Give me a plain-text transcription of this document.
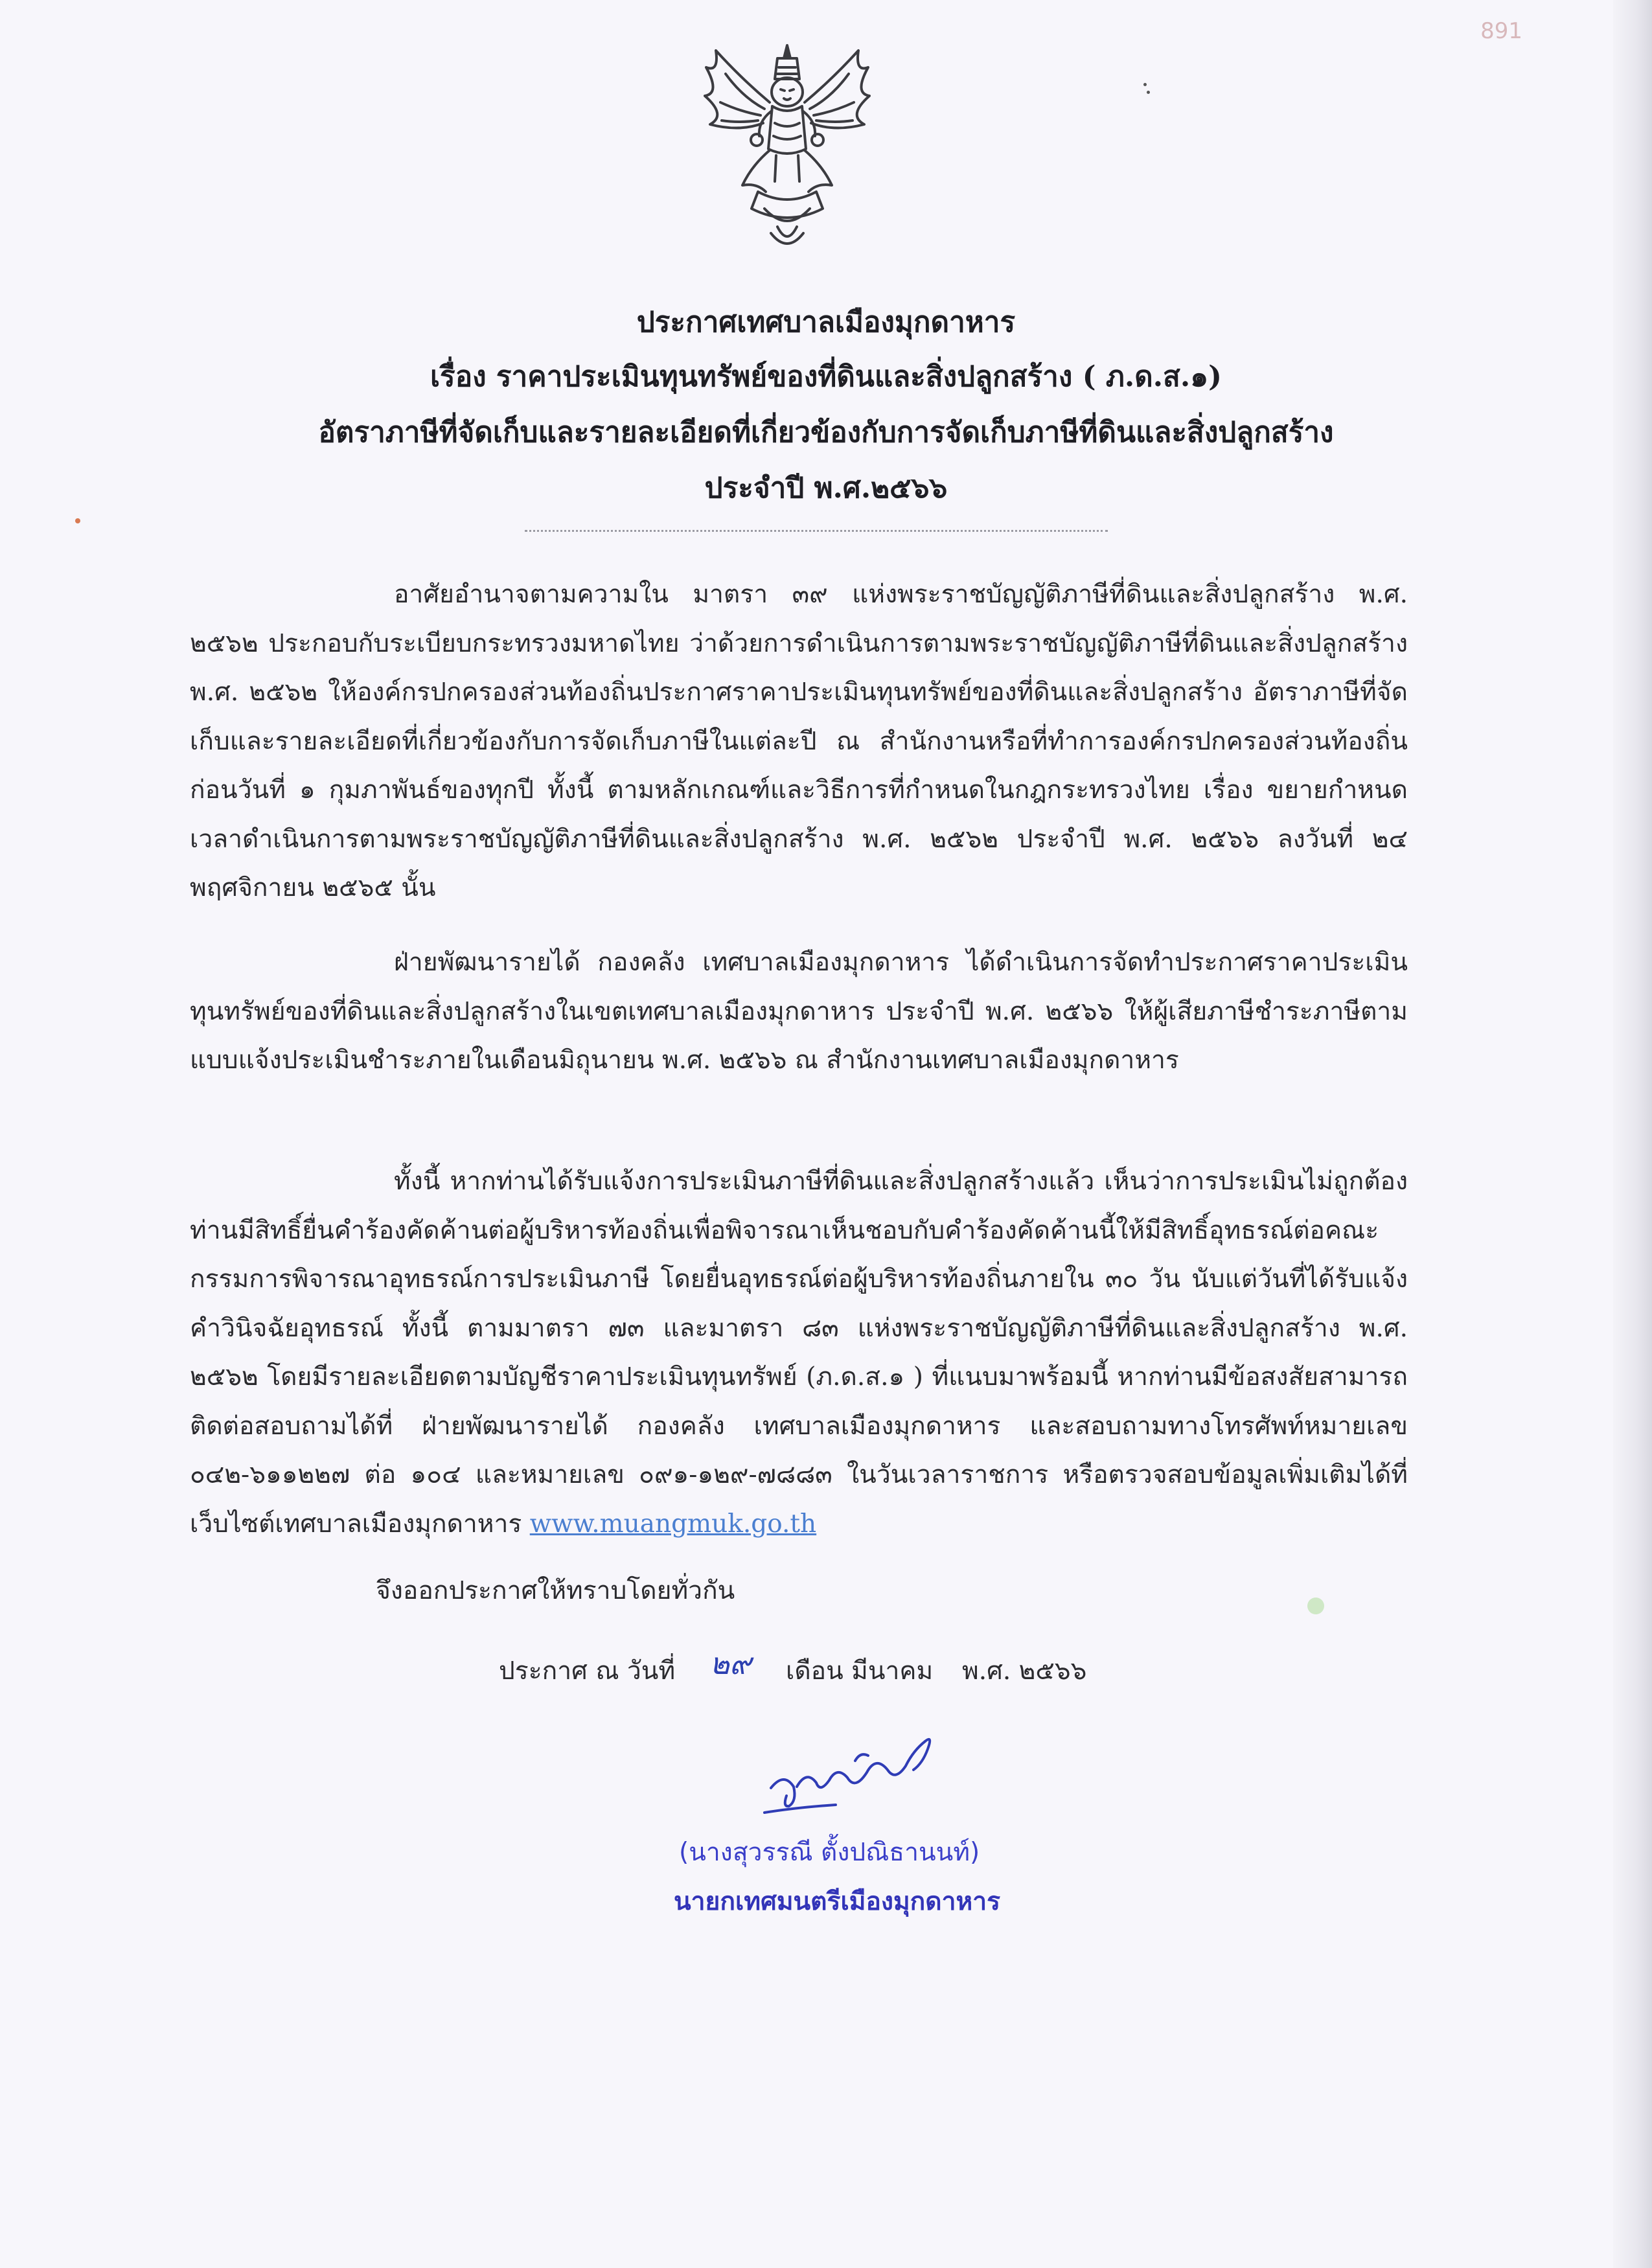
891
ประกาศเทศบาลเมืองมุกดาหาร
เรื่อง ราคาประเมินทุนทรัพย์ของที่ดินและสิ่งปลูกสร้าง ( ภ.ด.ส.๑)
อัตราภาษีที่จัดเก็บและรายละเอียดที่เกี่ยวข้องกับการจัดเก็บภาษีที่ดินและสิ่งปลูกสร้าง
ประจำปี พ.ศ.๒๕๖๖

อาศัยอำนาจตามความใน มาตรา ๓๙ แห่งพระราชบัญญัติภาษีที่ดินและสิ่งปลูกสร้าง พ.ศ. ๒๕๖๒ ประกอบกับระเบียบกระทรวงมหาดไทย ว่าด้วยการดำเนินการตามพระราชบัญญัติภาษีที่ดินและสิ่งปลูกสร้าง พ.ศ. ๒๕๖๒ ให้องค์กรปกครองส่วนท้องถิ่นประกาศราคาประเมินทุนทรัพย์ของที่ดินและสิ่งปลูกสร้าง อัตราภาษีที่จัดเก็บและรายละเอียดที่เกี่ยวข้องกับการจัดเก็บภาษีในแต่ละปี ณ สำนักงานหรือที่ทำการองค์กรปกครองส่วนท้องถิ่นก่อนวันที่ ๑ กุมภาพันธ์ของทุกปี ทั้งนี้ ตามหลักเกณฑ์และวิธีการที่กำหนดในกฎกระทรวงไทย เรื่อง ขยายกำหนดเวลาดำเนินการตามพระราชบัญญัติภาษีที่ดินและสิ่งปลูกสร้าง พ.ศ. ๒๕๖๒ ประจำปี พ.ศ. ๒๕๖๖ ลงวันที่ ๒๔ พฤศจิกายน ๒๕๖๕ นั้น

ฝ่ายพัฒนารายได้ กองคลัง เทศบาลเมืองมุกดาหาร ได้ดำเนินการจัดทำประกาศราคาประเมินทุนทรัพย์ของที่ดินและสิ่งปลูกสร้างในเขตเทศบาลเมืองมุกดาหาร ประจำปี พ.ศ. ๒๕๖๖ ให้ผู้เสียภาษีชำระภาษีตามแบบแจ้งประเมินชำระภายในเดือนมิถุนายน พ.ศ. ๒๕๖๖ ณ สำนักงานเทศบาลเมืองมุกดาหาร

ทั้งนี้ หากท่านได้รับแจ้งการประเมินภาษีที่ดินและสิ่งปลูกสร้างแล้ว เห็นว่าการประเมินไม่ถูกต้อง ท่านมีสิทธิ์ยื่นคำร้องคัดค้านต่อผู้บริหารท้องถิ่นเพื่อพิจารณาเห็นชอบกับคำร้องคัดค้านนี้ให้มีสิทธิ์อุทธรณ์ต่อคณะกรรมการพิจารณาอุทธรณ์การประเมินภาษี โดยยื่นอุทธรณ์ต่อผู้บริหารท้องถิ่นภายใน ๓๐ วัน นับแต่วันที่ได้รับแจ้งคำวินิจฉัยอุทธรณ์ ทั้งนี้ ตามมาตรา ๗๓ และมาตรา ๘๓ แห่งพระราชบัญญัติภาษีที่ดินและสิ่งปลูกสร้าง พ.ศ. ๒๕๖๒ โดยมีรายละเอียดตามบัญชีราคาประเมินทุนทรัพย์ (ภ.ด.ส.๑ ) ที่แนบมาพร้อมนี้ หากท่านมีข้อสงสัยสามารถติดต่อสอบถามได้ที่ ฝ่ายพัฒนารายได้ กองคลัง เทศบาลเมืองมุกดาหาร และสอบถามทางโทรศัพท์หมายเลข ๐๔๒-๖๑๑๒๒๗ ต่อ ๑๐๔ และหมายเลข ๐๙๑-๑๒๙-๗๘๘๓ ในวันเวลาราชการ หรือตรวจสอบข้อมูลเพิ่มเติมได้ที่เว็บไซต์เทศบาลเมืองมุกดาหาร www.muangmuk.go.th

จึงออกประกาศให้ทราบโดยทั่วกัน

ประกาศ ณ วันที่ ๒๙ เดือน มีนาคม พ.ศ. ๒๕๖๖
(นางสุวรรณี ตั้งปณิธานนท์)
นายกเทศมนตรีเมืองมุกดาหาร
